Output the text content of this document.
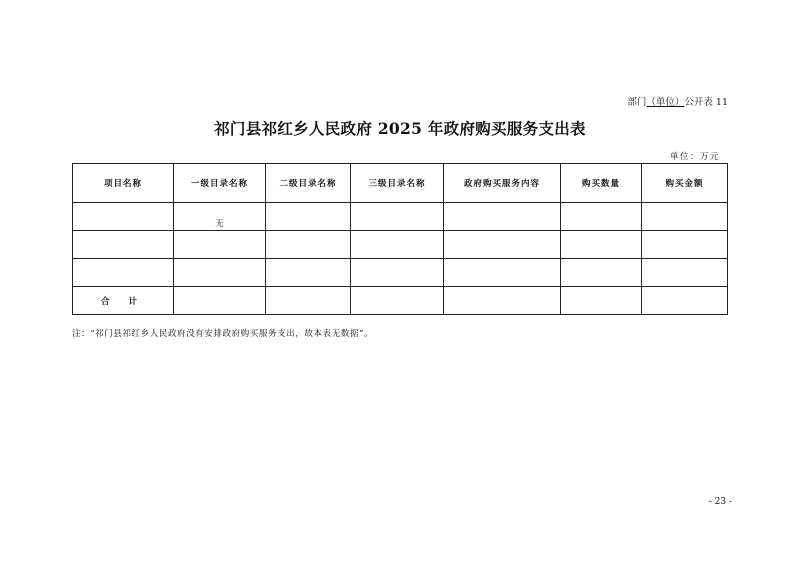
部门（单位）公开表 11
祁门县祁红乡人民政府 2025 年政府购买服务支出表
单位：万元
项目名称	一级目录名称	二级目录名称	三级目录名称	政府购买服务内容	购买数量	购买金额

	无					

合 计						
注：“祁门县祁红乡人民政府没有安排政府购买服务支出，故本表无数据”。
- 23 -
